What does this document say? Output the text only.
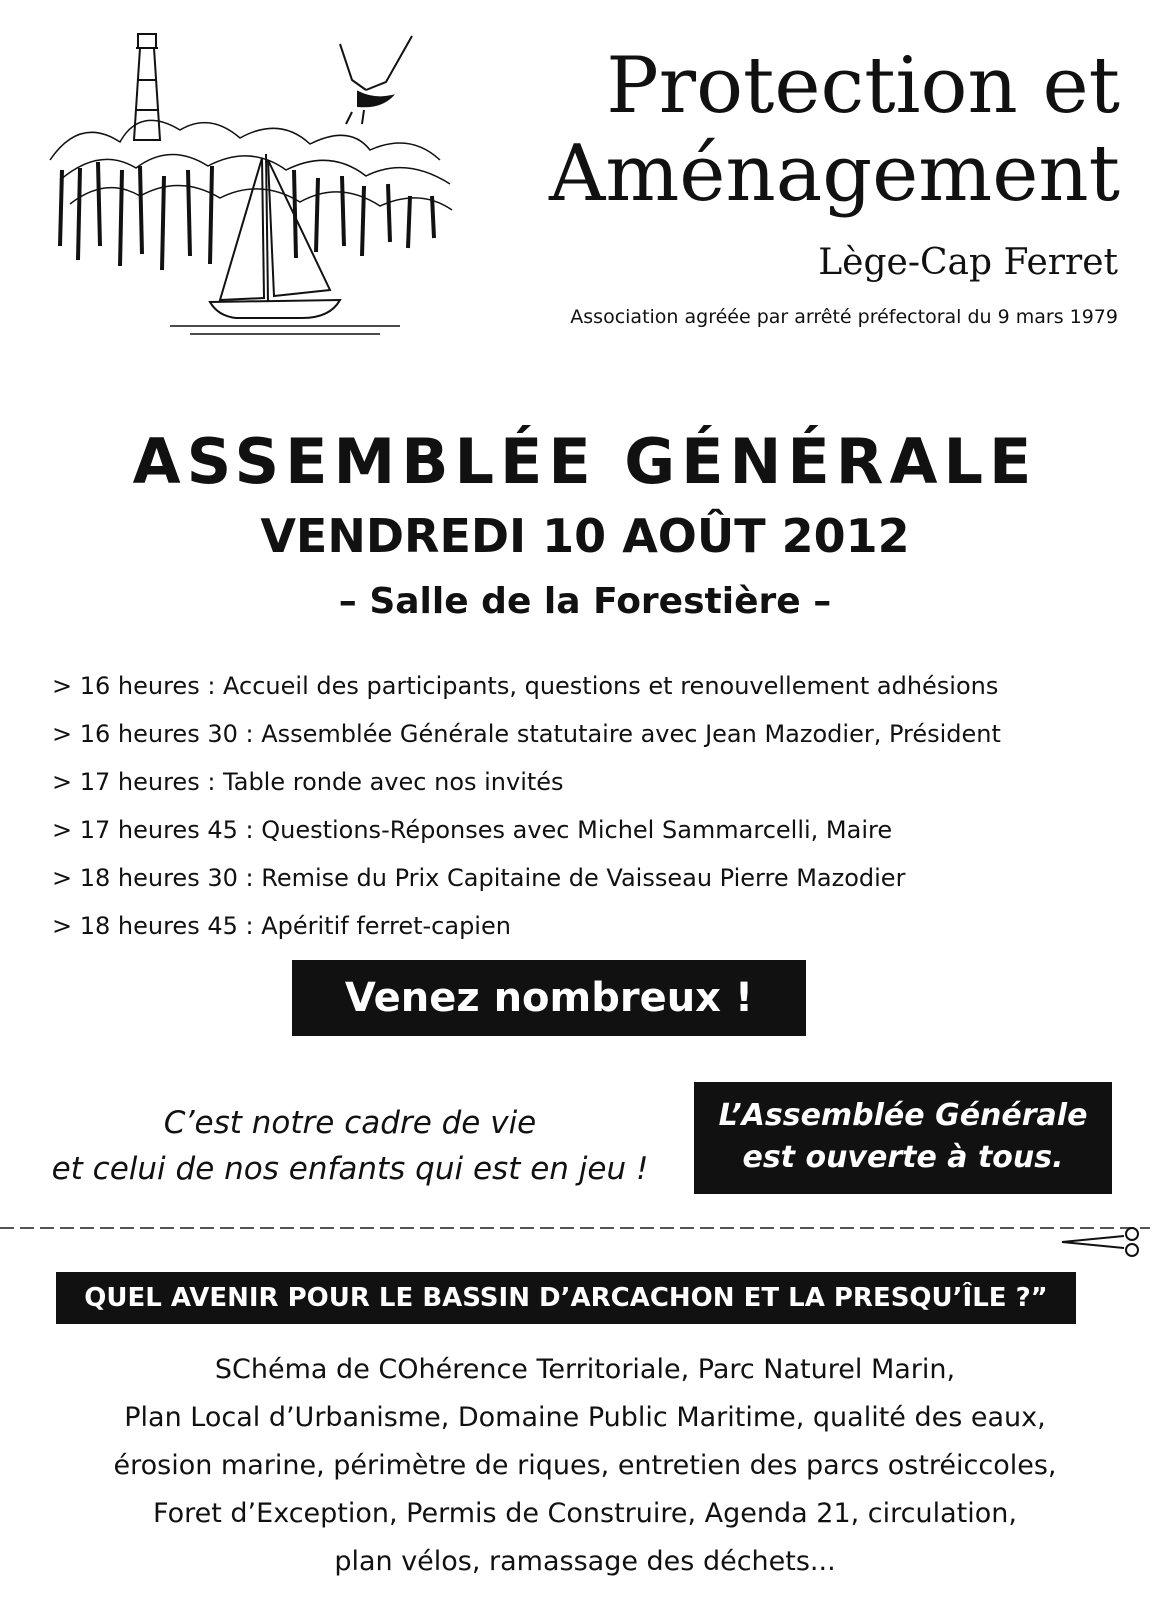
Protection et
Aménagement
Lège-Cap Ferret
Association agréée par arrêté préfectoral du 9 mars 1979
ASSEMBLÉE GÉNÉRALE
VENDREDI 10 AOÛT 2012
– Salle de la Forestière –
> 16 heures : Accueil des participants, questions et renouvellement adhésions
> 16 heures 30 : Assemblée Générale statutaire avec Jean Mazodier, Président
> 17 heures : Table ronde avec nos invités
> 17 heures 45 : Questions-Réponses avec Michel Sammarcelli, Maire
> 18 heures 30 : Remise du Prix Capitaine de Vaisseau Pierre Mazodier
> 18 heures 45 : Apéritif ferret-capien
Venez nombreux !
C’est notre cadre de vie
et celui de nos enfants qui est en jeu !
L’Assemblée Générale
est ouverte à tous.
QUEL AVENIR POUR LE BASSIN D’ARCACHON ET LA PRESQU’ÎLE ?”
SChéma de COhérence Territoriale, Parc Naturel Marin,
Plan Local d’Urbanisme, Domaine Public Maritime, qualité des eaux,
érosion marine, périmètre de riques, entretien des parcs ostréiccoles,
Foret d’Exception, Permis de Construire, Agenda 21, circulation,
plan vélos, ramassage des déchets...
